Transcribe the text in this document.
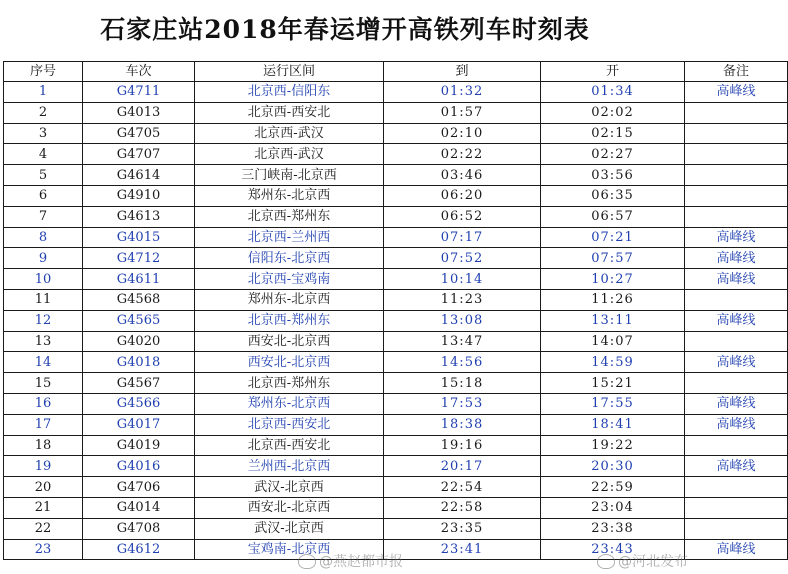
石家庄站2018年春运增开高铁列车时刻表
序号	车次	运行区间	到	开	备注
1	G4711	北京西-信阳东	01:32	01:34	高峰线
2	G4013	北京西-西安北	01:57	02:02	
3	G4705	北京西-武汉	02:10	02:15	
4	G4707	北京西-武汉	02:22	02:27	
5	G4614	三门峡南-北京西	03:46	03:56	
6	G4910	郑州东-北京西	06:20	06:35	
7	G4613	北京西-郑州东	06:52	06:57	
8	G4015	北京西-兰州西	07:17	07:21	高峰线
9	G4712	信阳东-北京西	07:52	07:57	高峰线
10	G4611	北京西-宝鸡南	10:14	10:27	高峰线
11	G4568	郑州东-北京西	11:23	11:26	
12	G4565	北京西-郑州东	13:08	13:11	高峰线
13	G4020	西安北-北京西	13:47	14:07	
14	G4018	西安北-北京西	14:56	14:59	高峰线
15	G4567	北京西-郑州东	15:18	15:21	
16	G4566	郑州东-北京西	17:53	17:55	高峰线
17	G4017	北京西-西安北	18:38	18:41	高峰线
18	G4019	北京西-西安北	19:16	19:22	
19	G4016	兰州西-北京西	20:17	20:30	高峰线
20	G4706	武汉-北京西	22:54	22:59	
21	G4014	西安北-北京西	22:58	23:04	
22	G4708	武汉-北京西	23:35	23:38	
23	G4612	宝鸡南-北京西	23:41	23:43	高峰线
@燕赵都市报	@河北发布
